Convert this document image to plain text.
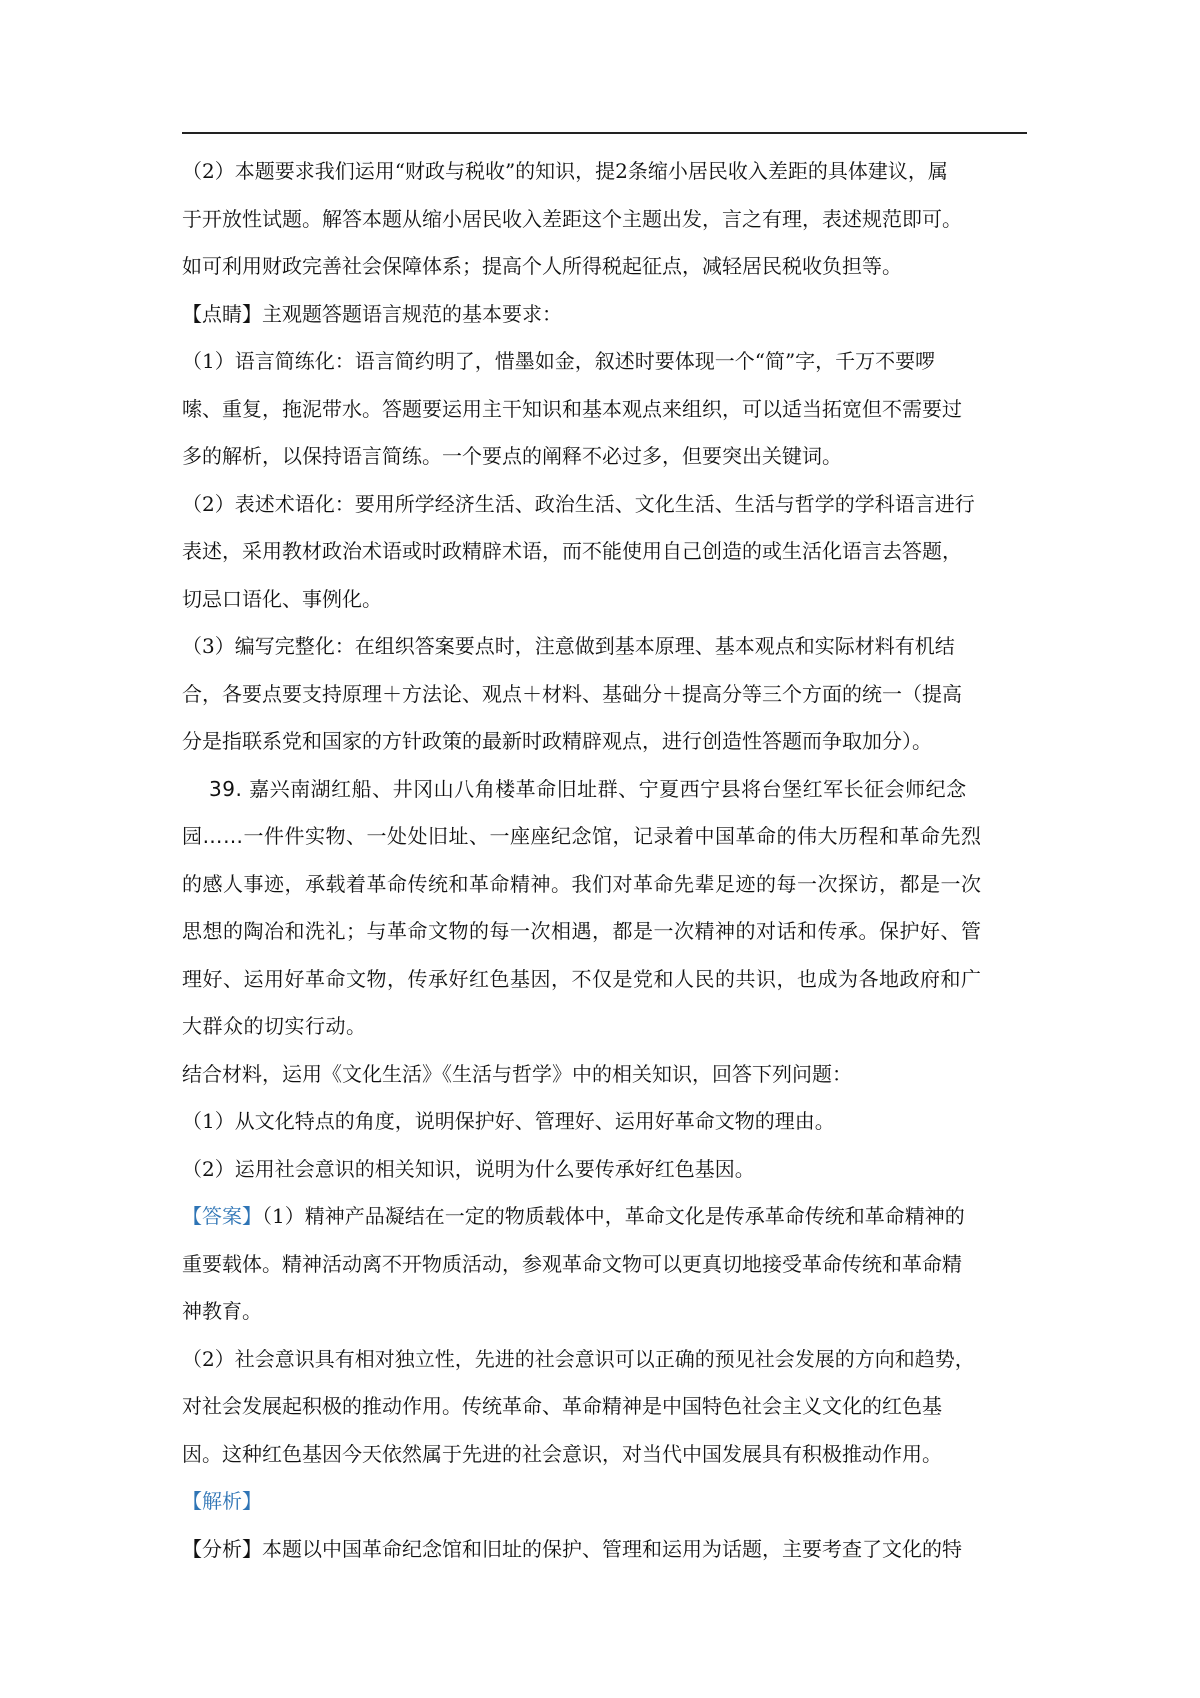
（2）本题要求我们运用“财政与税收”的知识，提2条缩小居民收入差距的具体建议，属
于开放性试题。解答本题从缩小居民收入差距这个主题出发，言之有理，表述规范即可。
如可利用财政完善社会保障体系；提高个人所得税起征点，减轻居民税收负担等。
【点睛】主观题答题语言规范的基本要求：
（1）语言简练化：语言简约明了，惜墨如金，叙述时要体现一个“简”字，千万不要啰
嗦、重复，拖泥带水。答题要运用主干知识和基本观点来组织，可以适当拓宽但不需要过
多的解析，以保持语言简练。一个要点的阐释不必过多，但要突出关键词。
（2）表述术语化：要用所学经济生活、政治生活、文化生活、生活与哲学的学科语言进行
表述，采用教材政治术语或时政精辟术语，而不能使用自己创造的或生活化语言去答题，
切忌口语化、事例化。
（3）编写完整化：在组织答案要点时，注意做到基本原理、基本观点和实际材料有机结
合，各要点要支持原理＋方法论、观点＋材料、基础分＋提高分等三个方面的统一（提高
分是指联系党和国家的方针政策的最新时政精辟观点，进行创造性答题而争取加分）。
39. 嘉兴南湖红船、井冈山八角楼革命旧址群、宁夏西宁县将台堡红军长征会师纪念
园……一件件实物、一处处旧址、一座座纪念馆，记录着中国革命的伟大历程和革命先烈
的感人事迹，承载着革命传统和革命精神。我们对革命先辈足迹的每一次探访，都是一次
思想的陶冶和洗礼；与革命文物的每一次相遇，都是一次精神的对话和传承。保护好、管
理好、运用好革命文物，传承好红色基因，不仅是党和人民的共识，也成为各地政府和广
大群众的切实行动。
结合材料，运用《文化生活》《生活与哲学》中的相关知识，回答下列问题：
（1）从文化特点的角度，说明保护好、管理好、运用好革命文物的理由。
（2）运用社会意识的相关知识，说明为什么要传承好红色基因。
【答案】（1）精神产品凝结在一定的物质载体中，革命文化是传承革命传统和革命精神的
重要载体。精神活动离不开物质活动，参观革命文物可以更真切地接受革命传统和革命精
神教育。
（2）社会意识具有相对独立性，先进的社会意识可以正确的预见社会发展的方向和趋势，
对社会发展起积极的推动作用。传统革命、革命精神是中国特色社会主义文化的红色基
因。这种红色基因今天依然属于先进的社会意识，对当代中国发展具有积极推动作用。
【解析】
【分析】本题以中国革命纪念馆和旧址的保护、管理和运用为话题，主要考查了文化的特
